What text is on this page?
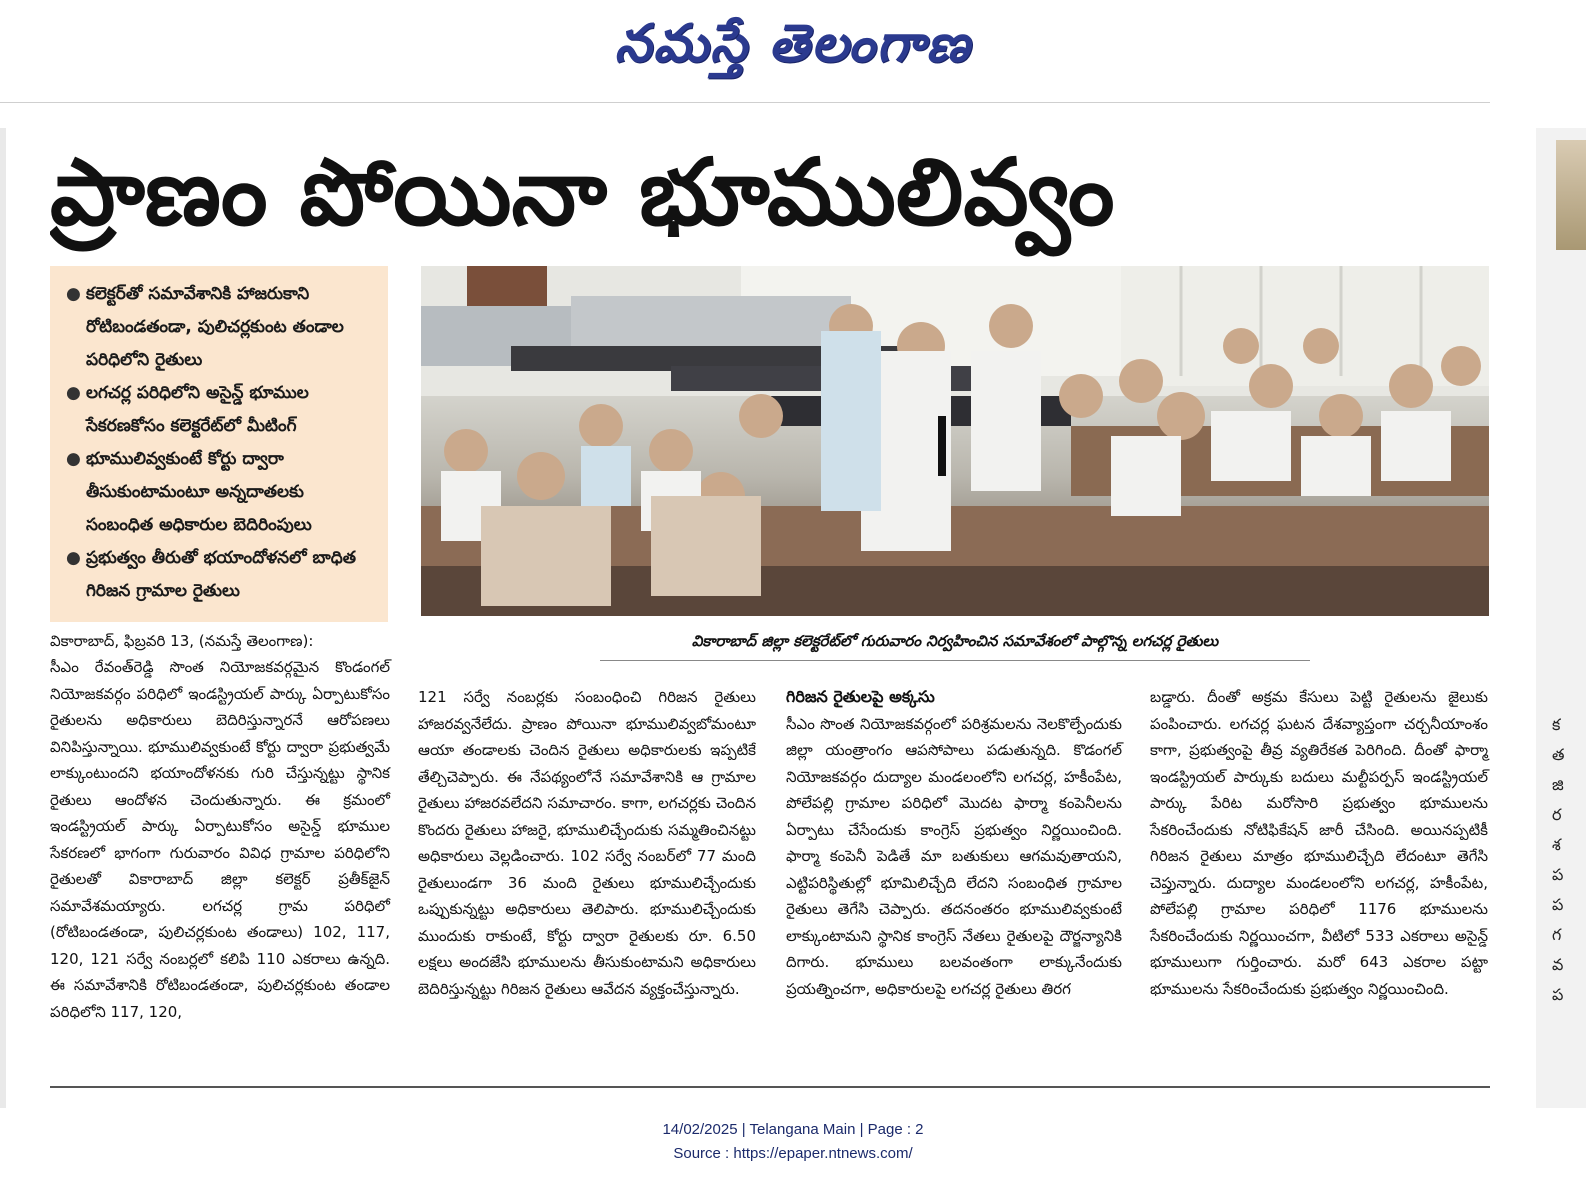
నమస్తే తెలంగాణ
క
త
జి
ర
శ
ప
ప
గ
వ
ప
ప్రాణం పోయినా భూములివ్వం
● కలెక్టర్‌తో సమావేశానికి హాజరుకాని రోటిబండతండా, పులిచర్లకుంట తండాల పరిధిలోని రైతులు
● లగచర్ల పరిధిలోని అసైన్డ్ భూముల సేకరణకోసం కలెక్టరేట్‌లో మీటింగ్
● భూములివ్వకుంటే కోర్టు ద్వారా తీసుకుంటామంటూ అన్నదాతలకు సంబంధిత అధికారుల బెదిరింపులు
● ప్రభుత్వం తీరుతో భయాందోళనలో బాధిత గిరిజన గ్రామాల రైతులు
వికారాబాద్ జిల్లా కలెక్టరేట్‌లో గురువారం నిర్వహించిన సమావేశంలో పాల్గొన్న లగచర్ల రైతులు
వికారాబాద్, ఫిబ్రవరి 13, (నమస్తే తెలంగాణ):
సీఎం రేవంత్‌రెడ్డి సొంత నియోజకవర్గమైన కొండంగల్ నియోజకవర్గం పరిధిలో ఇండస్ట్రియల్ పార్కు ఏర్పాటుకోసం రైతులను అధికారులు బెదిరిస్తున్నారనే ఆరోపణలు వినిపిస్తున్నాయి. భూములివ్వకుంటే కోర్టు ద్వారా ప్రభుత్వమే లాక్కుంటుందని భయాందోళనకు గురి చేస్తున్నట్టు స్థానిక రైతులు ఆందోళన చెందుతున్నారు. ఈ క్రమంలో ఇండస్ట్రియల్ పార్కు ఏర్పాటుకోసం అసైన్డ్ భూముల సేకరణలో భాగంగా గురువారం వివిధ గ్రామాల పరిధిలోని రైతులతో వికారాబాద్ జిల్లా కలెక్టర్ ప్రతీక్‌జైన్ సమావేశమయ్యారు. లగచర్ల గ్రామ పరిధిలో (రోటిబండతండా, పులిచర్లకుంట తండాలు) 102, 117, 120, 121 సర్వే నంబర్లలో కలిపి 110 ఎకరాలు ఉన్నది. ఈ సమావేశానికి రోటిబండతండా, పులిచర్లకుంట తండాల పరిధిలోని 117, 120,
121 సర్వే నంబర్లకు సంబంధించి గిరిజన రైతులు హాజరవ్వనేలేదు. ప్రాణం పోయినా భూములివ్వబోమంటూ ఆయా తండాలకు చెందిన రైతులు అధికారులకు ఇప్పటికే తేల్చిచెప్పారు. ఈ నేపథ్యంలోనే సమావేశానికి ఆ గ్రామాల రైతులు హాజరవలేదని సమాచారం. కాగా, లగచర్లకు చెందిన కొందరు రైతులు హాజరై, భూములిచ్చేందుకు సమ్మతించినట్టు అధికారులు వెల్లడించారు. 102 సర్వే నంబర్‌లో 77 మంది రైతులుండగా 36 మంది రైతులు భూములిచ్చేందుకు ఒప్పుకున్నట్టు అధికారులు తెలిపారు. భూములిచ్చేందుకు ముందుకు రాకుంటే, కోర్టు ద్వారా రైతులకు రూ. 6.50 లక్షలు అందజేసి భూములను తీసుకుంటామని అధికారులు బెదిరిస్తున్నట్టు గిరిజన రైతులు ఆవేదన వ్యక్తంచేస్తున్నారు.
గిరిజన రైతులపై అక్కసు
సీఎం సొంత నియోజకవర్గంలో పరిశ్రమలను నెలకొల్పేందుకు జిల్లా యంత్రాంగం ఆపసోపాలు పడుతున్నది. కొడంగల్ నియోజకవర్గం దుద్యాల మండలంలోని లగచర్ల, హకీంపేట, పోలేపల్లి గ్రామాల పరిధిలో మొదట ఫార్మా కంపెనీలను ఏర్పాటు చేసేందుకు కాంగ్రెస్ ప్రభుత్వం నిర్ణయించింది. ఫార్మా కంపెనీ పెడితే మా బతుకులు ఆగమవుతాయని, ఎట్టిపరిస్థితుల్లో భూమిలిచ్చేది లేదని సంబంధిత గ్రామాల రైతులు తెగేసి చెప్పారు. తదనంతరం భూములివ్వకుంటే లాక్కుంటామని స్థానిక కాంగ్రెస్ నేతలు రైతులపై దౌర్జన్యానికి దిగారు. భూములు బలవంతంగా లాక్కునేందుకు ప్రయత్నించగా, అధికారులపై లగచర్ల రైతులు తిరగ
బడ్డారు. దీంతో అక్రమ కేసులు పెట్టి రైతులను జైలుకు పంపించారు. లగచర్ల ఘటన దేశవ్యాప్తంగా చర్చనీయాంశం కాగా, ప్రభుత్వంపై తీవ్ర వ్యతిరేకత పెరిగింది. దీంతో ఫార్మా ఇండస్ట్రియల్ పార్కుకు బదులు మల్టీపర్పస్ ఇండస్ట్రియల్ పార్కు పేరిట మరోసారి ప్రభుత్వం భూములను సేకరించేందుకు నోటిఫికేషన్ జారీ చేసింది. అయినప్పటికీ గిరిజన రైతులు మాత్రం భూములిచ్చేది లేదంటూ తెగేసి చెప్తున్నారు. దుద్యాల మండలంలోని లగచర్ల, హకీంపేట, పోలేపల్లి గ్రామాల పరిధిలో 1176 భూములను సేకరించేందుకు నిర్ణయించగా, వీటిలో 533 ఎకరాలు అసైన్డ్ భూములుగా గుర్తించారు. మరో 643 ఎకరాల పట్టా భూములను సేకరించేందుకు ప్రభుత్వం నిర్ణయించింది.
14/02/2025 | Telangana Main | Page : 2
Source : https://epaper.ntnews.com/
